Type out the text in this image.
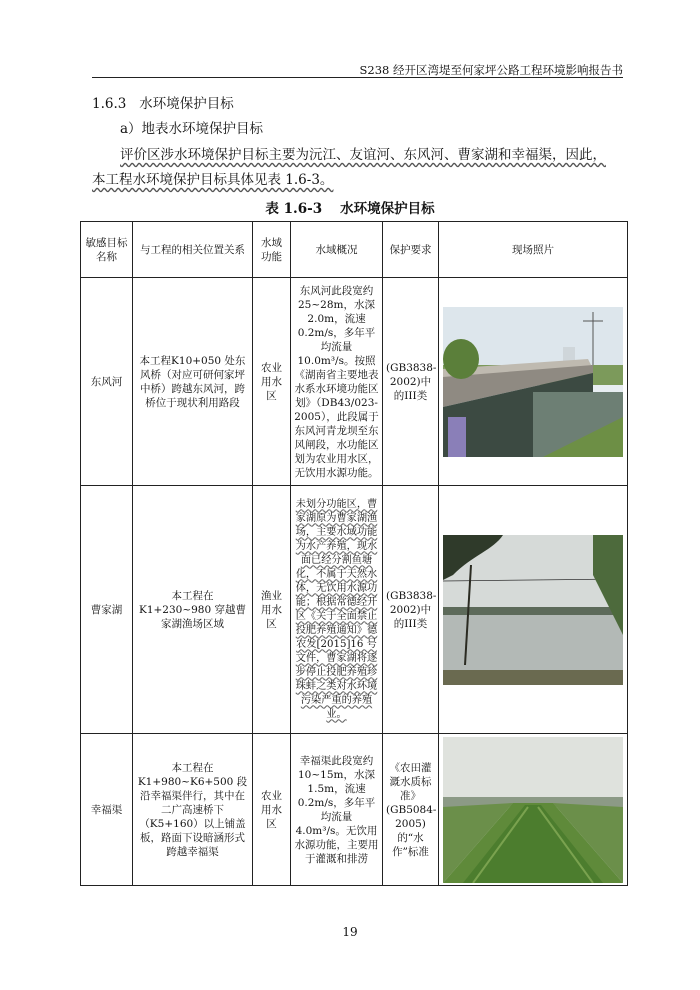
S238 经开区湾堤至何家坪公路工程环境影响报告书
1.6.3 水环境保护目标
a）地表水环境保护目标
评价区涉水环境保护目标主要为沅江、友谊河、东风河、曹家湖和幸福渠，因此，
本工程水环境保护目标具体见表 1.6-3。
表 1.6-3 水环境保护目标
敏感目标名称	与工程的相关位置关系	水域功能	水域概况	保护要求	现场照片
东风河	本工程K10+050 处东风桥（对应可研何家坪中桥）跨越东风河，跨桥位于现状利用路段	农业用水区	东风河此段宽约25~28m，水深2.0m，流速0.2m/s，多年平均流量 10.0m³/s。按照《湖南省主要地表水系水环境功能区划》（DB43/023-2005），此段属于东风河青龙坝至东风闸段，水功能区划为农业用水区，无饮用水源功能。	(GB3838-2002)中的III类	

曹家湖	本工程在K1+230~980 穿越曹家湖渔场区域	渔业用水区	未划分功能区，曹家湖原为曹家湖渔场，主要水域功能为水产养殖，现水面已经分割鱼塘化，不属于天然水体，无饮用水源功能；根据常德经开区《关于全面禁止投肥养殖通知》德农发[2015]16 号文件，曹家湖将逐步停止投肥养殖珍珠蚌之类对水环境污染严重的养殖业。	(GB3838-2002)中的III类	

幸福渠	本工程在K1+980~K6+500 段沿幸福渠伴行，其中在二广高速桥下（K5+160）以上铺盖板，路面下设暗涵形式跨越幸福渠	农业用水区	幸福渠此段宽约10~15m，水深1.5m，流速0.2m/s，多年平均流量 4.0m³/s。无饮用水源功能，主要用于灌溉和排涝	《农田灌溉水质标准》(GB5084-2005)的“水作”标准	
19
